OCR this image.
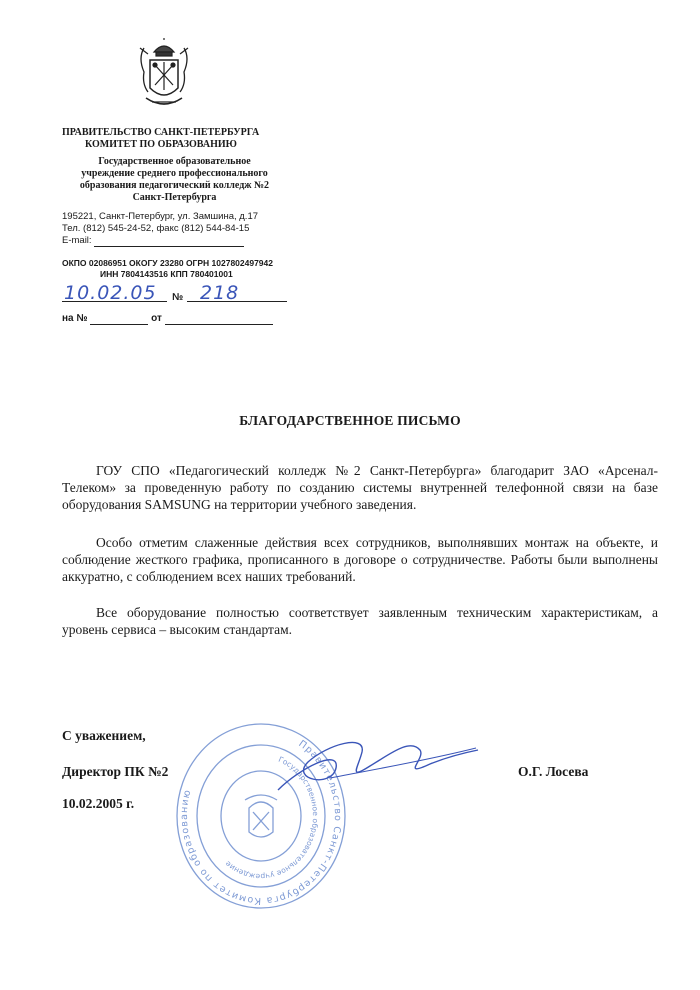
ПРАВИТЕЛЬСТВО САНКТ-ПЕТЕРБУРГА
КОМИТЕТ ПО ОБРАЗОВАНИЮ
Государственное образовательное
учреждение среднего профессионального
образования педагогический колледж №2
Санкт-Петербурга
195221, Санкт-Петербург, ул. Замшина, д.17
Тел. (812) 545-24-52, факс (812) 544-84-15
E-mail:
ОКПО 02086951 ОКОГУ 23280 ОГРН 1027802497942
ИНН 7804143516 КПП 780401001
10.02.05 № 218
на №	от
БЛАГОДАРСТВЕННОЕ ПИСЬМО

ГОУ СПО «Педагогический колледж №2 Санкт-Петербурга» благодарит ЗАО «Арсенал-Телеком» за проведенную работу по созданию системы внутренней телефонной связи на базе оборудования SAMSUNG на территории учебного заведения.

Особо отметим слаженные действия всех сотрудников, выполнявших монтаж на объекте, и соблюдение жесткого графика, прописанного в договоре о сотрудничестве. Работы были выполнены аккуратно, с соблюдением всех наших требований.

Все оборудование полностью соответствует заявленным техническим характеристикам, а уровень сервиса – высоким стандартам.

Правительство Санкт-Петербурга Комитет по образованию
Государственное образовательное учреждение
С уважением,
Директор ПК №2	О.Г. Лосева
10.02.2005 г.
